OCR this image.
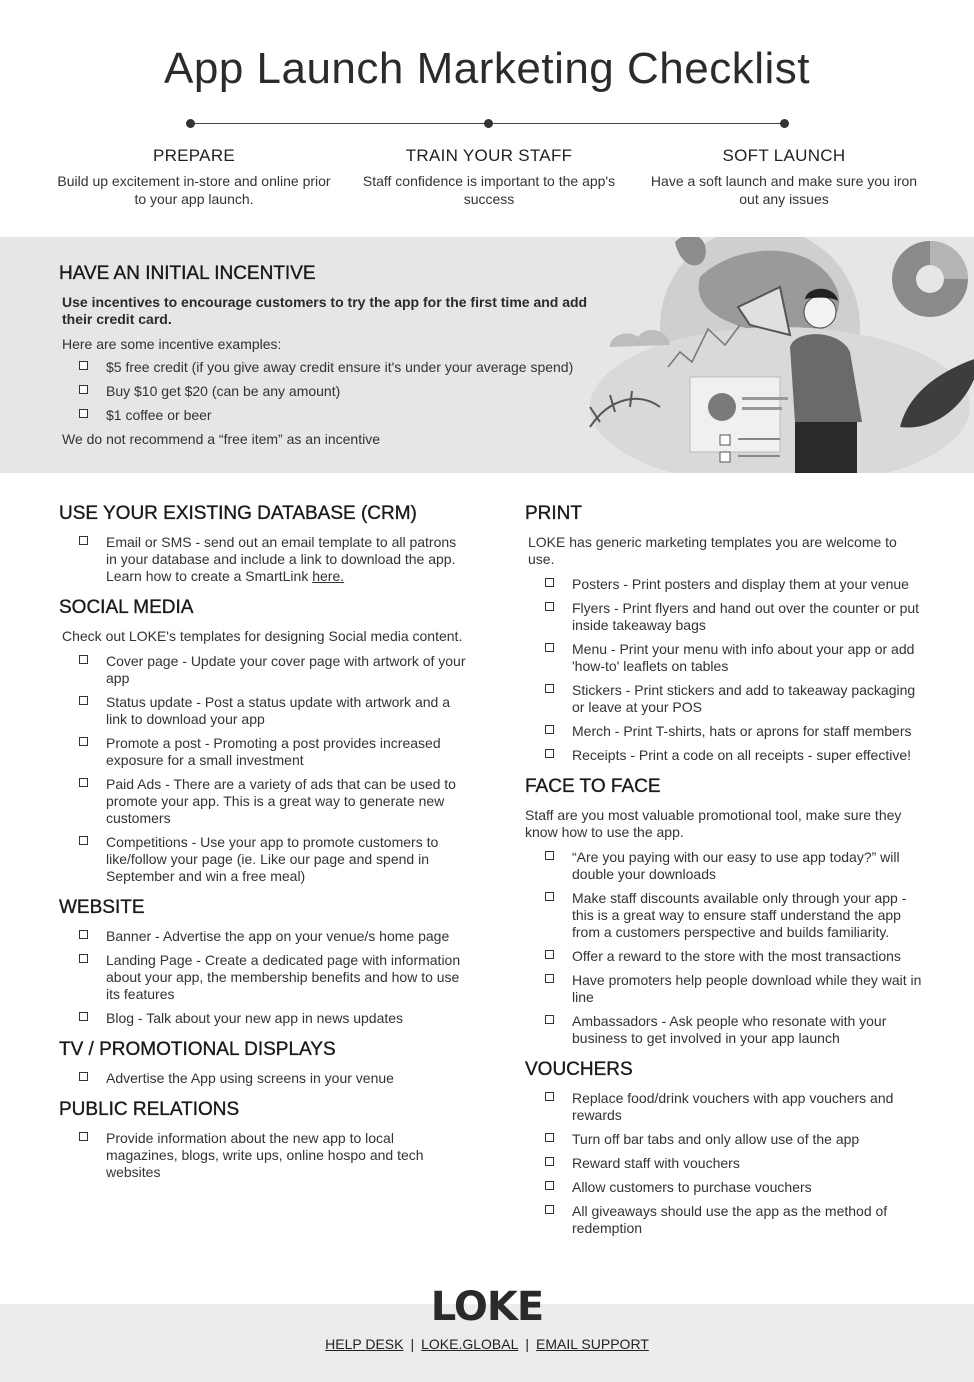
App Launch Marketing Checklist
PREPARE

Build up excitement in-store and online prior to your app launch.

TRAIN YOUR STAFF

Staff confidence is important to the app's success

SOFT LAUNCH

Have a soft launch and make sure you iron out any issues

HAVE AN INITIAL INCENTIVE

Use incentives to encourage customers to try the app for the first time and add their credit card.

Here are some incentive examples:

$5 free credit (if you give away credit ensure it's under your average spend)
Buy $10 get $20 (can be any amount)
$1 coffee or beer

We do not recommend a “free item” as an incentive

USE YOUR EXISTING DATABASE (CRM)
Email or SMS - send out an email template to all patrons in your database and include a link to download the app. Learn how to create a SmartLink here.
SOCIAL MEDIA

Check out LOKE's templates for designing Social media content.

Cover page - Update your cover page with artwork of your app
Status update - Post a status update with artwork and a link to download your app
Promote a post - Promoting a post provides increased exposure for a small investment
Paid Ads - There are a variety of ads that can be used to promote your app. This is a great way to generate new customers
Competitions - Use your app to promote customers to like/follow your page (ie. Like our page and spend in September and win a free meal)
WEBSITE
Banner - Advertise the app on your venue/s home page
Landing Page - Create a dedicated page with information about your app, the membership benefits and how to use its features
Blog - Talk about your new app in news updates
TV / PROMOTIONAL DISPLAYS
Advertise the App using screens in your venue
PUBLIC RELATIONS
Provide information about the new app to local magazines, blogs, write ups, online hospo and tech websites
PRINT

LOKE has generic marketing templates you are welcome to use.

Posters - Print posters and display them at your venue
Flyers - Print flyers and hand out over the counter or put inside takeaway bags
Menu - Print your menu with info about your app or add 'how-to' leaflets on tables
Stickers - Print stickers and add to takeaway packaging or leave at your POS
Merch - Print T-shirts, hats or aprons for staff members
Receipts - Print a code on all receipts - super effective!
FACE TO FACE

Staff are you most valuable promotional tool, make sure they know how to use the app.

“Are you paying with our easy to use app today?” will double your downloads
Make staff discounts available only through your app - this is a great way to ensure staff understand the app from a customers perspective and builds familiarity.
Offer a reward to the store with the most transactions
Have promoters help people download while they wait in line
Ambassadors - Ask people who resonate with your business to get involved in your app launch
VOUCHERS
Replace food/drink vouchers with app vouchers and rewards
Turn off bar tabs and only allow use of the app
Reward staff with vouchers
Allow customers to purchase vouchers
All giveaways should use the app as the method of redemption
LOKE
HELP DESK | LOKE.GLOBAL | EMAIL SUPPORT
